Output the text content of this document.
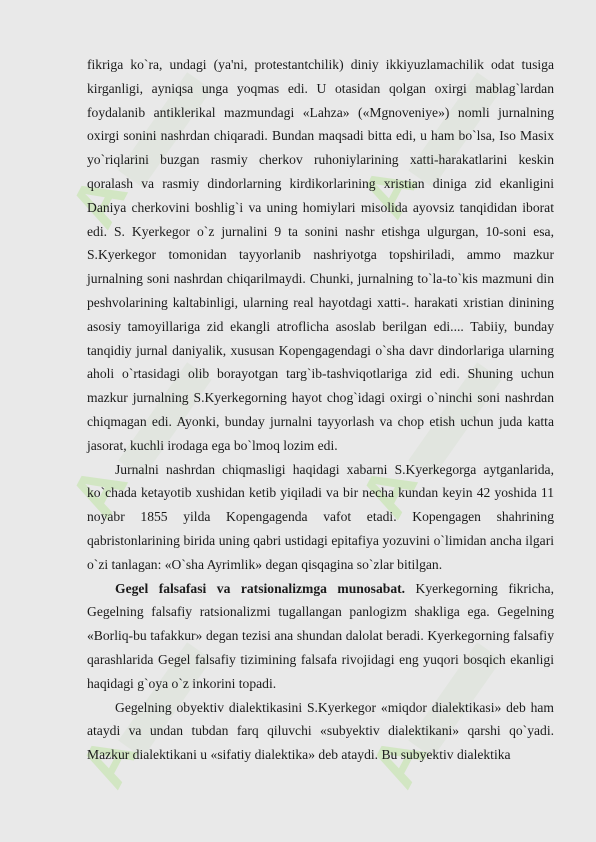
A	A
A	A
A	A

fikriga ko`ra, undagi (ya'ni, protestantchilik) diniy ikkiyuzlamachilik odat tusiga kirganligi, ayniqsa unga yoqmas edi. U otasidan qolgan oxirgi mablag`lardan foydalanib antiklerikal mazmundagi «Lahza» («Mgnoveniye») nomli jurnalning oxirgi sonini nashrdan chiqaradi. Bundan maqsadi bitta edi, u ham bo`lsa, Iso Masix yo`riqlarini buzgan rasmiy cherkov ruhoniylarining xatti-harakatlarini keskin qoralash va rasmiy dindorlarning kirdikorlarining xristian diniga zid ekanligini Daniya cherkovini boshlig`i va uning homiylari misolida ayovsiz tanqididan iborat edi. S. Kyerkegor o`z jurnalini 9 ta sonini nashr etishga ulgurgan, 10-soni esa, S.Kyerkegor tomonidan tayyorlanib nashriyotga topshiriladi, ammo mazkur jurnalning soni nashrdan chiqarilmaydi. Chunki, jurnalning to`la-to`kis mazmuni din peshvolarining kaltabinligi, ularning real hayotdagi xatti-. harakati xristian dinining asosiy tamoyillariga zid ekangli atroflicha asoslab berilgan edi.... Tabiiy, bunday tanqidiy jurnal daniyalik, xususan Kopengagendagi o`sha davr dindorlariga ularning aholi o`rtasidagi olib borayotgan targ`ib-tashviqotlariga zid edi. Shuning uchun mazkur jurnalning S.Kyerkegorning hayot chog`idagi oxirgi o`ninchi soni nashrdan chiqmagan edi. Ayonki, bunday jurnalni tayyorlash va chop etish uchun juda katta jasorat, kuchli irodaga ega bo`lmoq lozim edi.

Jurnalni nashrdan chiqmasligi haqidagi xabarni S.Kyerkegorga aytganlarida, ko`chada ketayotib xushidan ketib yiqiladi va bir necha kundan keyin 42 yoshida 11 noyabr 1855 yilda Kopengagenda vafot etadi. Kopengagen shahrining qabristonlarining birida uning qabri ustidagi epitafiya yozuvini o`limidan ancha ilgari o`zi tanlagan: «O`sha Ayrimlik» degan qisqagina so`zlar bitilgan.

Gegel falsafasi va ratsionalizmga munosabat. Kyerkegorning fikricha, Gegelning falsafiy ratsionalizmi tugallangan panlogizm shakliga ega. Gegelning «Borliq-bu tafakkur» degan tezisi ana shundan dalolat beradi. Kyerkegorning falsafiy qarashlarida Gegel falsafiy tizimining falsafa rivojidagi eng yuqori bosqich ekanligi haqidagi g`oya o`z inkorini topadi.

Gegelning obyektiv dialektikasini S.Kyerkegor «miqdor dialektikasi» deb ham ataydi va undan tubdan farq qiluvchi «subyektiv dialektikani» qarshi qo`yadi. Mazkur dialektikani u «sifatiy dialektika» deb ataydi. Bu subyektiv dialektika
